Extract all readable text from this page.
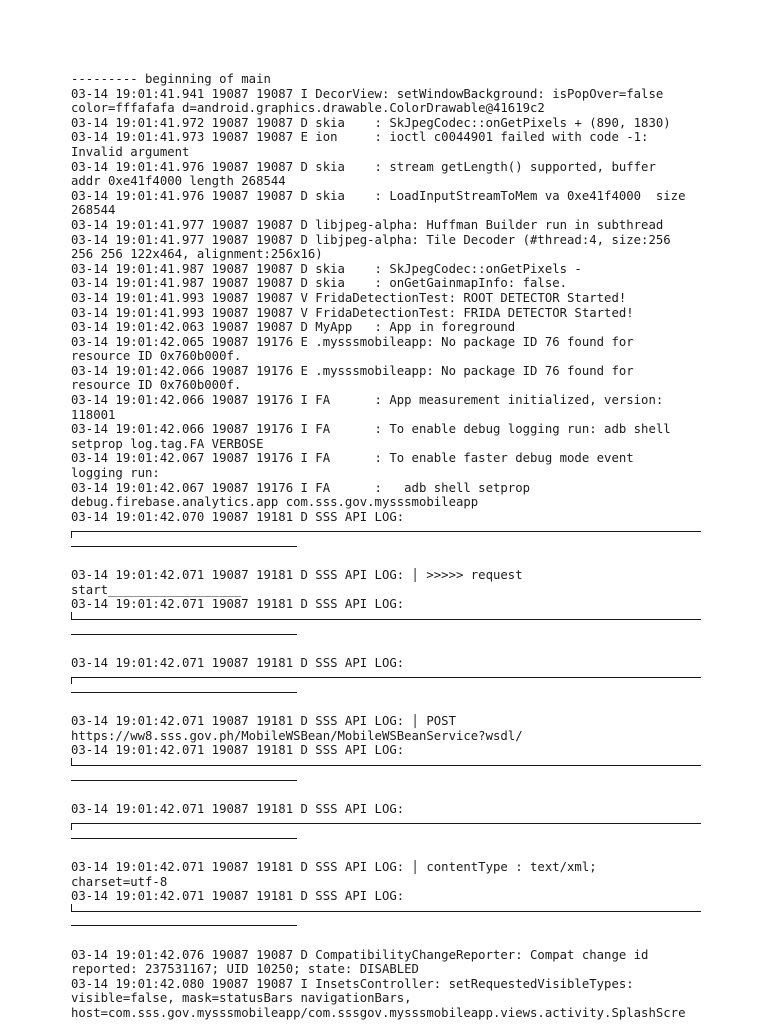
--------- beginning of main
03-14 19:01:41.941 19087 19087 I DecorView: setWindowBackground: isPopOver=false
color=fffafafa d=android.graphics.drawable.ColorDrawable@41619c2
03-14 19:01:41.972 19087 19087 D skia    : SkJpegCodec::onGetPixels + (890, 1830)
03-14 19:01:41.973 19087 19087 E ion     : ioctl c0044901 failed with code -1:
Invalid argument
03-14 19:01:41.976 19087 19087 D skia    : stream getLength() supported, buffer
addr 0xe41f4000 length 268544
03-14 19:01:41.976 19087 19087 D skia    : LoadInputStreamToMem va 0xe41f4000  size
268544
03-14 19:01:41.977 19087 19087 D libjpeg-alpha: Huffman Builder run in subthread
03-14 19:01:41.977 19087 19087 D libjpeg-alpha: Tile Decoder (#thread:4, size:256
256 256 122x464, alignment:256x16)
03-14 19:01:41.987 19087 19087 D skia    : SkJpegCodec::onGetPixels -
03-14 19:01:41.987 19087 19087 D skia    : onGetGainmapInfo: false.
03-14 19:01:41.993 19087 19087 V FridaDetectionTest: ROOT DETECTOR Started!
03-14 19:01:41.993 19087 19087 V FridaDetectionTest: FRIDA DETECTOR Started!
03-14 19:01:42.063 19087 19087 D MyApp   : App in foreground
03-14 19:01:42.065 19087 19176 E .mysssmobileapp: No package ID 76 found for
resource ID 0x760b000f.
03-14 19:01:42.066 19087 19176 E .mysssmobileapp: No package ID 76 found for
resource ID 0x760b000f.
03-14 19:01:42.066 19087 19176 I FA      : App measurement initialized, version:
118001
03-14 19:01:42.066 19087 19176 I FA      : To enable debug logging run: adb shell
setprop log.tag.FA VERBOSE
03-14 19:01:42.067 19087 19176 I FA      : To enable faster debug mode event
logging run:
03-14 19:01:42.067 19087 19176 I FA      :   adb shell setprop
debug.firebase.analytics.app com.sss.gov.mysssmobileapp
03-14 19:01:42.070 19087 19181 D SSS API LOG:
03-14 19:01:42.071 19087 19181 D SSS API LOG: │ >>>>> request
start__________________
03-14 19:01:42.071 19087 19181 D SSS API LOG:
03-14 19:01:42.071 19087 19181 D SSS API LOG:
03-14 19:01:42.071 19087 19181 D SSS API LOG: │ POST
https://ww8.sss.gov.ph/MobileWSBean/MobileWSBeanService?wsdl/
03-14 19:01:42.071 19087 19181 D SSS API LOG:
03-14 19:01:42.071 19087 19181 D SSS API LOG:
03-14 19:01:42.071 19087 19181 D SSS API LOG: │ contentType : text/xml;
charset=utf-8
03-14 19:01:42.071 19087 19181 D SSS API LOG:
03-14 19:01:42.076 19087 19087 D CompatibilityChangeReporter: Compat change id
reported: 237531167; UID 10250; state: DISABLED
03-14 19:01:42.080 19087 19087 I InsetsController: setRequestedVisibleTypes:
visible=false, mask=statusBars navigationBars,
host=com.sss.gov.mysssmobileapp/com.sssgov.mysssmobileapp.views.activity.SplashScre
